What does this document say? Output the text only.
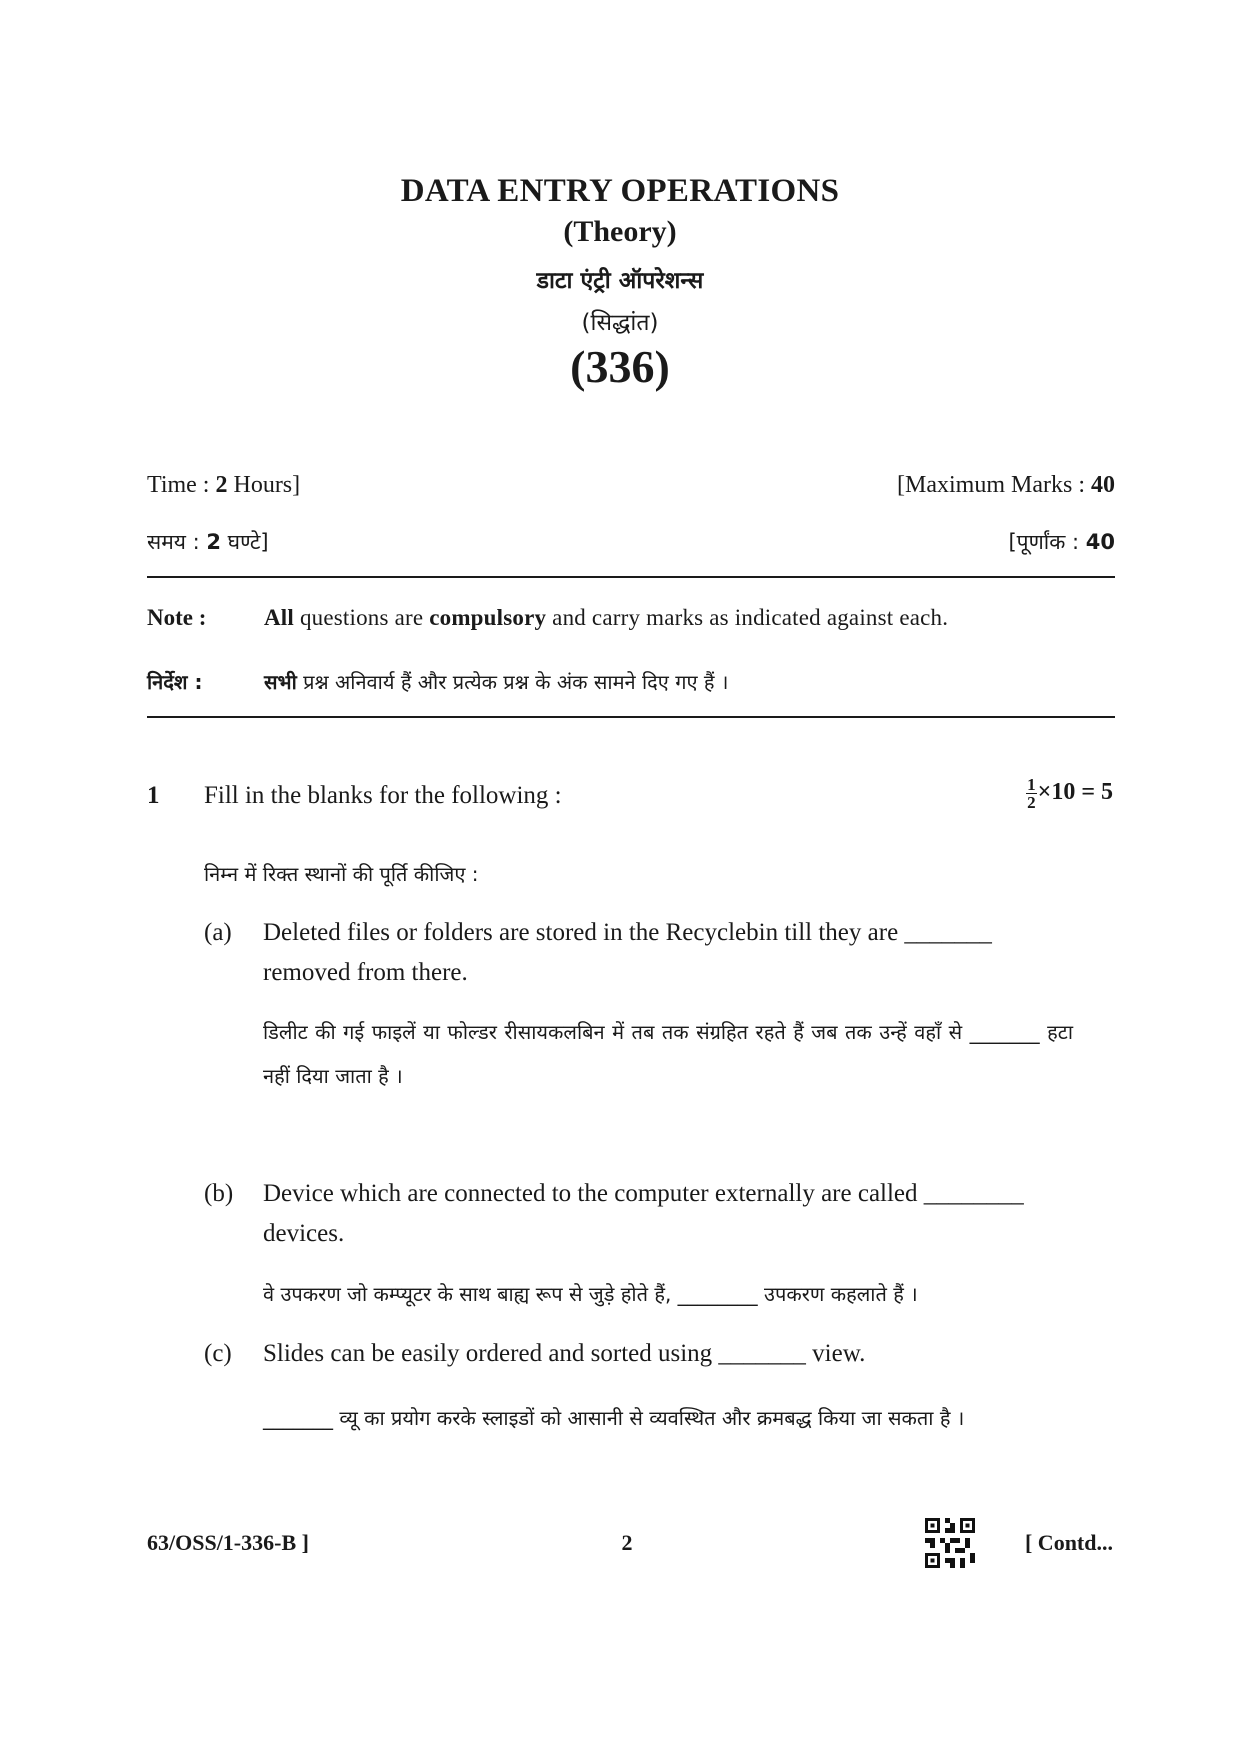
DATA ENTRY OPERATIONS
(Theory)
डाटा एंट्री ऑपरेशन्स
(सिद्धांत)
(336)
Time : 2 Hours]	[Maximum Marks : 40
समय : 2 घण्टे]	[पूर्णांक : 40
Note :	All questions are compulsory and carry marks as indicated against each.
निर्देश :	सभी प्रश्न अनिवार्य हैं और प्रत्येक प्रश्न के अंक सामने दिए गए हैं ।
1 Fill in the blanks for the following :	$\frac{1}{2} \times 10 = 5$
निम्न में रिक्त स्थानों की पूर्ति कीजिए :
(a) Deleted files or folders are stored in the Recyclebin till they are _______ removed from there.
डिलीट की गई फाइलें या फोल्डर रीसायकलबिन में तब तक संग्रहित रहते हैं जब तक उन्हें वहाँ से _______ हटा नहीं दिया जाता है ।
(b) Device which are connected to the computer externally are called ________ devices.
वे उपकरण जो कम्प्यूटर के साथ बाह्य रूप से जुड़े होते हैं, ________ उपकरण कहलाते हैं ।
(c) Slides can be easily ordered and sorted using _______ view.
_______ व्यू का प्रयोग करके स्लाइडों को आसानी से व्यवस्थित और क्रमबद्ध किया जा सकता है ।
63/OSS/1-336-B ]	2	[ Contd...
